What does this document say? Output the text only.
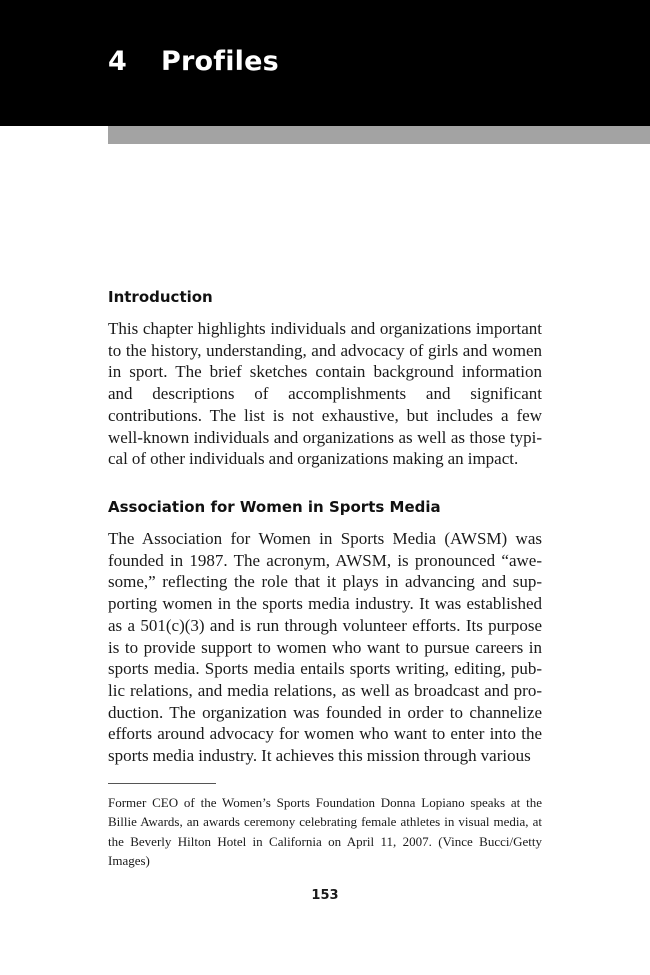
4 Profiles
Introduction

This chapter highlights individuals and organizations important to the history, understanding, and advocacy of girls and women in sport. The brief sketches contain background information and descriptions of accomplishments and significant contributions. The list is not exhaustive, but includes a few well-known individuals and organizations as well as those typical of other individuals and organizations making an impact.

Association for Women in Sports Media

The Association for Women in Sports Media (AWSM) was founded in 1987. The acronym, AWSM, is pronounced “awesome,” reflecting the role that it plays in advancing and supporting women in the sports media industry. It was established as a 501(c)(3) and is run through volunteer efforts. Its purpose is to provide support to women who want to pursue careers in sports media. Sports media entails sports writing, editing, public relations, and media relations, as well as broadcast and production. The organization was founded in order to channelize efforts around advocacy for women who want to enter into the sports media industry. It achieves this mission through various

Former CEO of the Women’s Sports Foundation Donna Lopiano speaks at the Billie Awards, an awards ceremony celebrating female athletes in visual media, at the Beverly Hilton Hotel in California on April 11, 2007. (Vince Bucci/Getty Images)

153
